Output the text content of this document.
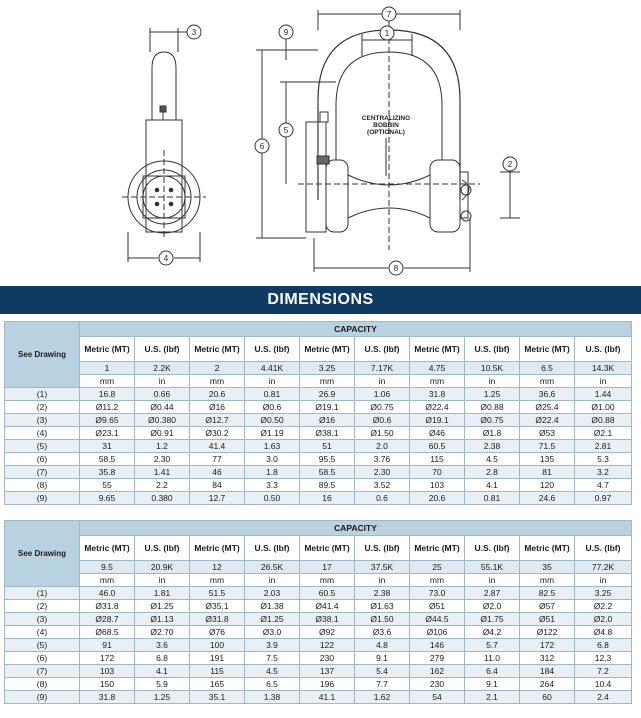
3
4
7
1
9
6
5
8
2
CENTRALIZING
BOBBIN
(OPTIONAL)
DIMENSIONS
See Drawing	CAPACITY									
	Metric (MT)	U.S. (lbf)	Metric (MT)	U.S. (lbf)	Metric (MT)	U.S. (lbf)	Metric (MT)	U.S. (lbf)	Metric (MT)	U.S. (lbf)
	1	2.2K	2	4.41K	3.25	7.17K	4.75	10.5K	6.5	14.3K
	mm	in	mm	in	mm	in	mm	in	mm	in
(1)	16.8	0.66	20.6	0.81	26.9	1.06	31.8	1.25	36.6	1.44
(2)	Ø11.2	Ø0.44	Ø16	Ø0.6	Ø19.1	Ø0.75	Ø22.4	Ø0.88	Ø25.4	Ø1.00
(3)	Ø9.65	Ø0.380	Ø12.7	Ø0.50	Ø16	Ø0.6	Ø19.1	Ø0.75	Ø22.4	Ø0.88
(4)	Ø23.1	Ø0.91	Ø30.2	Ø1.19	Ø38.1	Ø1.50	Ø46	Ø1.8	Ø53	Ø2.1
(5)	31	1.2	41.4	1.63	51	2.0	60.5	2.38	71.5	2.81
(6)	58.5	2.30	77	3.0	95.5	3.76	115	4.5	135	5.3
(7)	35.8	1.41	46	1.8	58.5	2.30	70	2.8	81	3.2
(8)	55	2.2	84	3.3	89.5	3.52	103	4.1	120	4.7
(9)	9.65	0.380	12.7	0.50	16	0.6	20.6	0.81	24.6	0.97
See Drawing	CAPACITY									
	Metric (MT)	U.S. (lbf)	Metric (MT)	U.S. (lbf)	Metric (MT)	U.S. (lbf)	Metric (MT)	U.S. (lbf)	Metric (MT)	U.S. (lbf)
	9.5	20.9K	12	26.5K	17	37.5K	25	55.1K	35	77.2K
	mm	in	mm	in	mm	in	mm	in	mm	in
(1)	46.0	1.81	51.5	2.03	60.5	2.38	73.0	2.87	82.5	3.25
(2)	Ø31.8	Ø1.25	Ø35.1	Ø1.38	Ø41.4	Ø1.63	Ø51	Ø2.0	Ø57	Ø2.2
(3)	Ø28.7	Ø1.13	Ø31.8	Ø1.25	Ø38.1	Ø1.50	Ø44.5	Ø1.75	Ø51	Ø2.0
(4)	Ø68.5	Ø2.70	Ø76	Ø3.0	Ø92	Ø3.6	Ø106	Ø4.2	Ø122	Ø4.8
(5)	91	3.6	100	3.9	122	4.8	146	5.7	172	6.8
(6)	172	6.8	191	7.5	230	9.1	279	11.0	312	12.3
(7)	103	4.1	115	4.5	137	5.4	162	6.4	184	7.2
(8)	150	5.9	165	6.5	196	7.7	230	9.1	264	10.4
(9)	31.8	1.25	35.1	1.38	41.1	1.62	54	2.1	60	2.4
